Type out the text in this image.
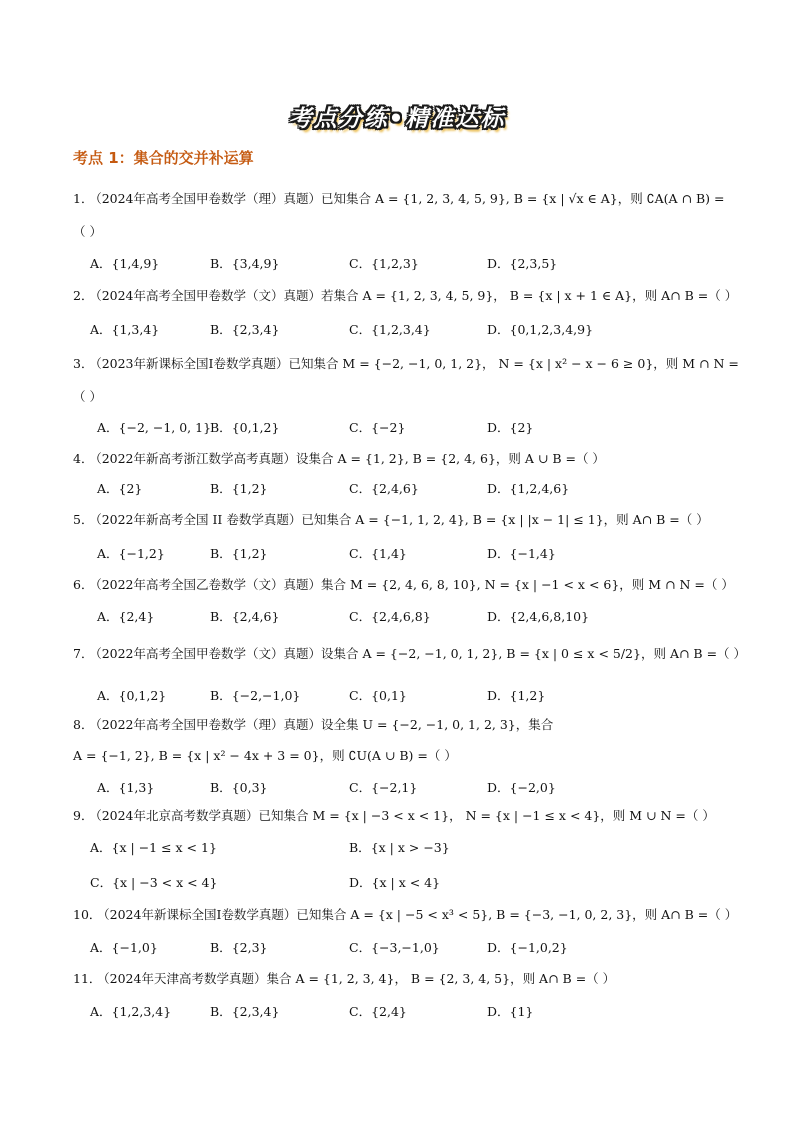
考点分练•精准达标
考点 1：集合的交并补运算
1． （2024年高考全国甲卷数学（理）真题）已知集合 A = {1, 2, 3, 4, 5, 9}, B = {x | √x ∈ A}，则 ∁A(A ∩ B) =
（ ）
A．{1,4,9}	B．{3,4,9}	C．{1,2,3}	D．{2,3,5}
2． （2024年高考全国甲卷数学（文）真题）若集合 A = {1, 2, 3, 4, 5, 9}， B = {x | x + 1 ∈ A}，则 A∩ B =（ ）
A．{1,3,4}	B．{2,3,4}	C．{1,2,3,4}	D．{0,1,2,3,4,9}
3． （2023年新课标全国Ⅰ卷数学真题）已知集合 M = {−2, −1, 0, 1, 2}， N = {x | x² − x − 6 ≥ 0}，则 M ∩ N =
（ ）
A．{−2, −1, 0, 1}
B．{0,1,2}	C．{−2}	D．{2}
4． （2022年新高考浙江数学高考真题）设集合 A = {1, 2}, B = {2, 4, 6}，则 A ∪ B =（ ）
A．{2}	B．{1,2}	C．{2,4,6}	D．{1,2,4,6}
5． （2022年新高考全国 II 卷数学真题）已知集合 A = {−1, 1, 2, 4}, B = {x | |x − 1| ≤ 1}，则 A∩ B =（ ）
A．{−1,2}	B．{1,2}	C．{1,4}	D．{−1,4}
6． （2022年高考全国乙卷数学（文）真题）集合 M = {2, 4, 6, 8, 10}, N = {x | −1 < x < 6}，则 M ∩ N =（ ）
A．{2,4}	B．{2,4,6}	C．{2,4,6,8}	D．{2,4,6,8,10}
7． （2022年高考全国甲卷数学（文）真题）设集合 A = {−2, −1, 0, 1, 2}, B = {x | 0 ≤ x < 5/2}，则 A∩ B =（ ）
A．{0,1,2}	B．{−2,−1,0}	C．{0,1}	D．{1,2}
8． （2022年高考全国甲卷数学（理）真题）设全集 U = {−2, −1, 0, 1, 2, 3}，集合
A = {−1, 2}, B = {x | x² − 4x + 3 = 0}，则 ∁U(A ∪ B) =（ ）
A．{1,3}	B．{0,3}	C．{−2,1}	D．{−2,0}
9． （2024年北京高考数学真题）已知集合 M = {x | −3 < x < 1}， N = {x | −1 ≤ x < 4}，则 M ∪ N =（ ）
A．{x | −1 ≤ x < 1}	B．{x | x > −3}
C．{x | −3 < x < 4}	D．{x | x < 4}
10． （2024年新课标全国Ⅰ卷数学真题）已知集合 A = {x | −5 < x³ < 5}, B = {−3, −1, 0, 2, 3}，则 A∩ B =（ ）
A．{−1,0}	B．{2,3}	C．{−3,−1,0}	D．{−1,0,2}
11． （2024年天津高考数学真题）集合 A = {1, 2, 3, 4}， B = {2, 3, 4, 5}，则 A∩ B =（ ）
A．{1,2,3,4}	B．{2,3,4}	C．{2,4}	D．{1}
